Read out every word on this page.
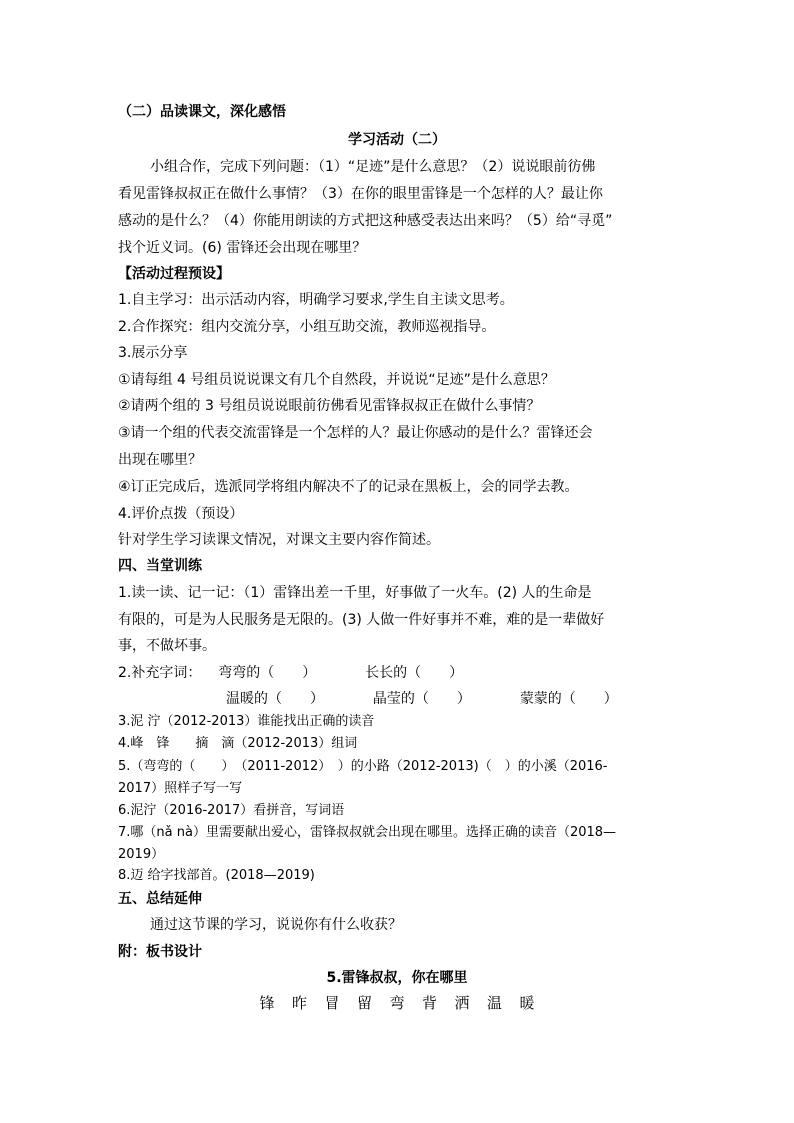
（二）品读课文，深化感悟
学习活动（二）
小组合作，完成下列问题：（1）“足迹”是什么意思？（2）说说眼前彷佛
看见雷锋叔叔正在做什么事情？（3）在你的眼里雷锋是一个怎样的人？最让你
感动的是什么？（4）你能用朗读的方式把这种感受表达出来吗？（5）给“寻觅”
找个近义词。(6) 雷锋还会出现在哪里？
【活动过程预设】
1.自主学习：出示活动内容，明确学习要求,学生自主读文思考。
2.合作探究：组内交流分享，小组互助交流，教师巡视指导。
3.展示分享
①请每组 4 号组员说说课文有几个自然段，并说说“足迹”是什么意思？
②请两个组的 3 号组员说说眼前彷佛看见雷锋叔叔正在做什么事情？
③请一个组的代表交流雷锋是一个怎样的人？最让你感动的是什么？雷锋还会
出现在哪里？
④订正完成后，选派同学将组内解决不了的记录在黑板上，会的同学去教。
4.评价点拨（预设）
针对学生学习读课文情况，对课文主要内容作简述。
四、当堂训练
1.读一读、记一记：（1）雷锋出差一千里，好事做了一火车。(2) 人的生命是
有限的，可是为人民服务是无限的。(3) 人做一件好事并不难，难的是一辈做好
事，不做坏事。
2.补充字词： 弯弯的（　　）	长长的（　　）
温暖的（　　）	晶莹的（　　）	蒙蒙的（　　）
3.泥 泞（2012-2013）谁能找出正确的读音
4.峰　锋　　摘　滴（2012-2013）组词
5.（弯弯的（　　）　（2011-2012）　）的小路（2012-2013)（　）的小溪（2016-
2017）照样子写一写
6.泥泞（2016-2017）看拼音，写词语
7.哪（nǎ nà）里需要献出爱心，雷锋叔叔就会出现在哪里。选择正确的读音（2018—
2019）
8.迈 给字找部首。(2018—2019)
五、总结延伸
通过这节课的学习，说说你有什么收获？
附：板书设计
5.雷锋叔叔，你在哪里
锋 昨 冒 留 弯 背 洒 温 暖
